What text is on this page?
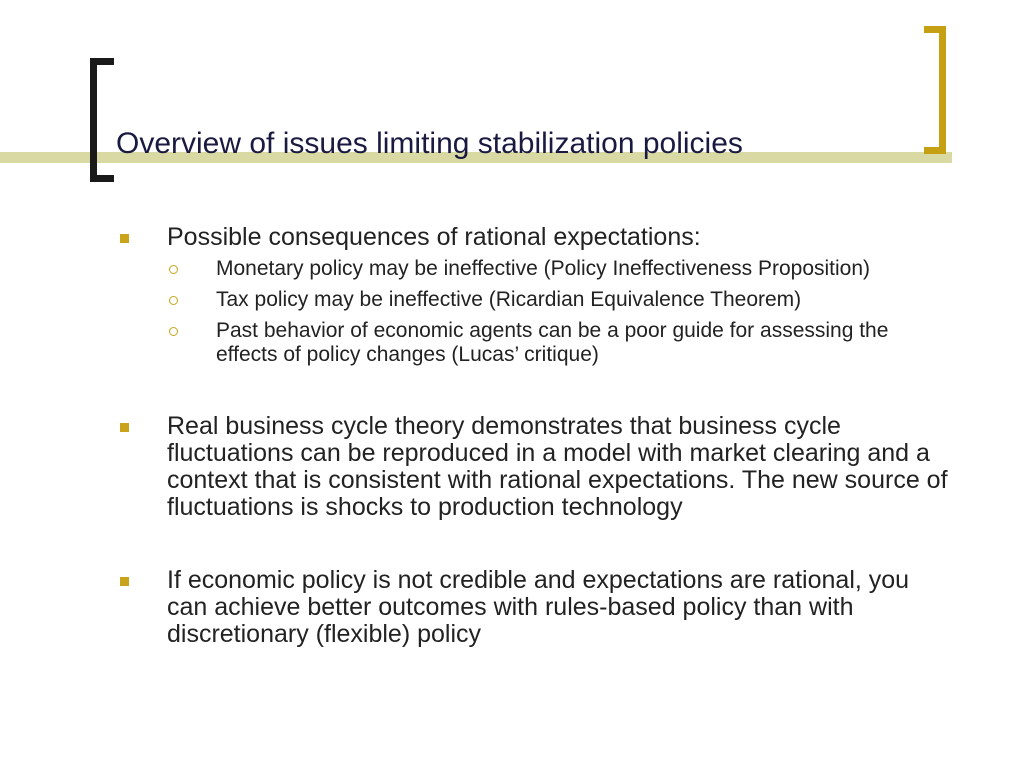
Overview of issues limiting stabilization policies
Possible consequences of rational expectations:
Monetary policy may be ineffective (Policy Ineffectiveness Proposition)
Tax policy may be ineffective (Ricardian Equivalence Theorem)
Past behavior of economic agents can be a poor guide for assessing the effects of policy changes (Lucas’ critique)
Real business cycle theory demonstrates that business cycle fluctuations can be reproduced in a model with market clearing and a context that is consistent with rational expectations. The new source of fluctuations is shocks to production technology
If economic policy is not credible and expectations are rational, you can achieve better outcomes with rules-based policy than with discretionary (flexible) policy
